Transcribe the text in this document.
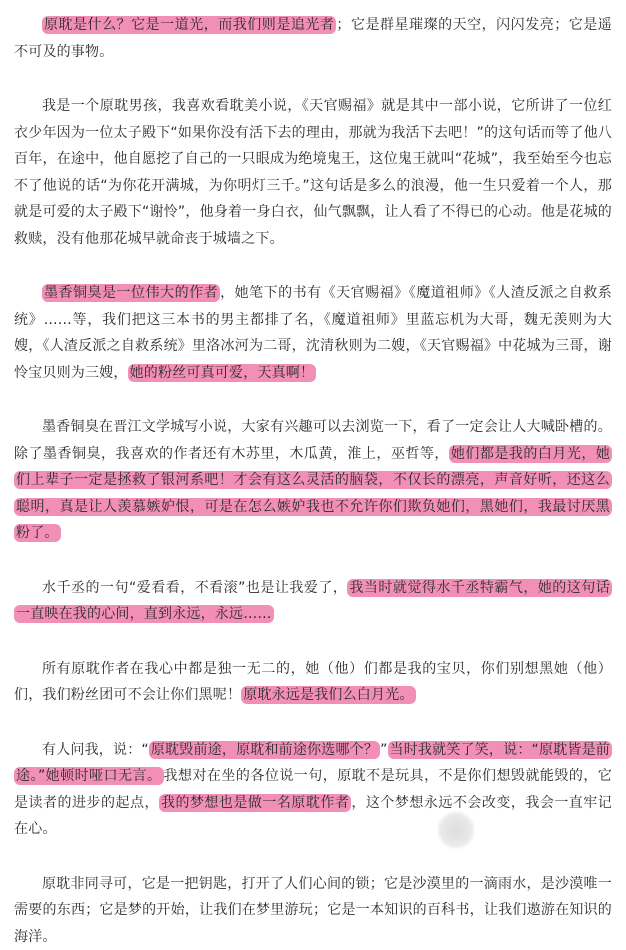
原耽是什么？它是一道光，而我们则是追光者 ；它是群星璀璨的天空，闪闪发亮；它是遥不可及的事物。

我是一个原耽男孩，我喜欢看耽美小说，《天官赐福》就是其中一部小说，它所讲了一位红衣少年因为一位太子殿下“如果你没有活下去的理由，那就为我活下去吧！”的这句话而等了他八百年，在途中，他自愿挖了自己的一只眼成为绝境鬼王，这位鬼王就叫“花城”，我至始至今也忘不了他说的话“为你花开满城，为你明灯三千。”这句话是多么的浪漫，他一生只爱着一个人，那就是可爱的太子殿下“谢怜”，他身着一身白衣，仙气飘飘，让人看了不得已的心动。他是花城的救赎，没有他那花城早就命丧于城墙之下。

墨香铜臭是一位伟大的作者 ，她笔下的书有《天官赐福》《魔道祖师》《人渣反派之自救系统》……等，我们把这三本书的男主都排了名，《魔道祖师》里蓝忘机为大哥，魏无羡则为大嫂，《人渣反派之自救系统》里洛冰河为二哥，沈清秋则为二嫂，《天官赐福》中花城为三哥，谢怜宝贝则为三嫂， 她的粉丝可真可爱，天真啊！

墨香铜臭在晋江文学城写小说，大家有兴趣可以去浏览一下，看了一定会让人大喊卧槽的。除了墨香铜臭，我喜欢的作者还有木苏里，木瓜黄，淮上，巫哲等， 她们都是我的白月光，她们上辈子一定是拯救了银河系吧！才会有这么灵活的脑袋，不仅长的漂亮，声音好听，还这么聪明，真是让人羡慕嫉妒恨，可是在怎么嫉妒我也不允许你们欺负她们，黑她们，我最讨厌黑粉了。

水千丞的一句“爱看看，不看滚”也是让我爱了， 我当时就觉得水千丞特霸气，她的这句话一直映在我的心间，直到永远，永远……

所有原耽作者在我心中都是独一无二的，她（他）们都是我的宝贝，你们别想黑她（他）们，我们粉丝团可不会让你们黑呢！ 原耽永远是我们么白月光。

有人问我，说：“ 原耽毁前途，原耽和前途你选哪个？ ” 当时我就笑了笑，说：“原耽皆是前途。”她顿时哑口无言。 我想对在坐的各位说一句，原耽不是玩具，不是你们想毁就能毁的，它是读者的进步的起点， 我的梦想也是做一名原耽作者 ，这个梦想永远不会改变，我会一直牢记在心。

原耽非同寻可，它是一把钥匙，打开了人们心间的锁；它是沙漠里的一滴雨水，是沙漠唯一需要的东西；它是梦的开始，让我们在梦里游玩；它是一本知识的百科书，让我们遨游在知识的海洋。
